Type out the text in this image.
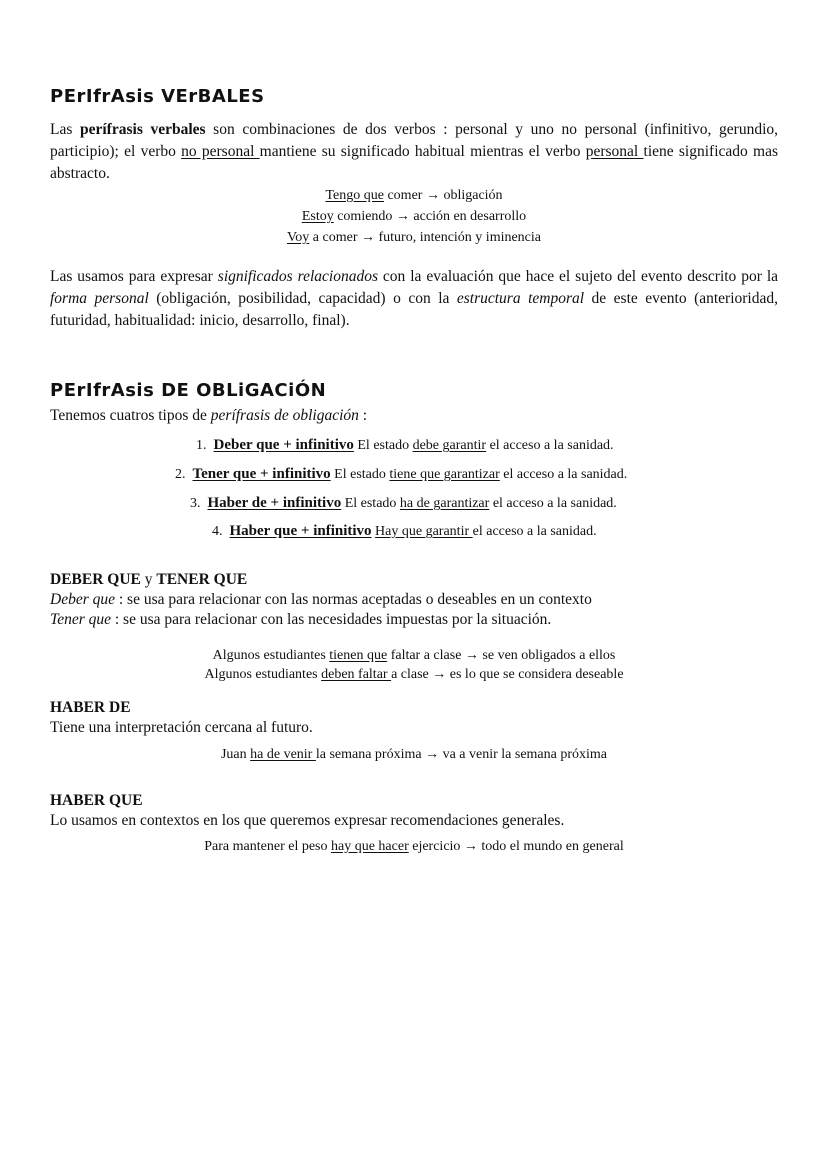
PErIfrAsis VErBALES
Las perífrasis verbales son combinaciones de dos verbos : personal y uno no personal (infinitivo, gerundio, participio); el verbo no personal mantiene su significado habitual mientras el verbo personal tiene significado mas abstracto.
Tengo que comer → obligación
Estoy comiendo → acción en desarrollo
Voy a comer → futuro, intención y iminencia
Las usamos para expresar significados relacionados con la evaluación que hace el sujeto del evento descrito por la forma personal (obligación, posibilidad, capacidad) o con la estructura temporal de este evento (anterioridad, futuridad, habitualidad: inicio, desarrollo, final).
PErIfrAsis DE OBLiGACiÓN
Tenemos cuatros tipos de perífrasis de obligación :
1. Deber que + infinitivo El estado debe garantir el acceso a la sanidad.
2. Tener que + infinitivo El estado tiene que garantizar el acceso a la sanidad.
3. Haber de + infinitivo El estado ha de garantizar el acceso a la sanidad.
4. Haber que + infinitivo Hay que garantir el acceso a la sanidad.
DEBER QUE y TENER QUE
Deber que : se usa para relacionar con las normas aceptadas o deseables en un contexto
Tener que : se usa para relacionar con las necesidades impuestas por la situación.
Algunos estudiantes tienen que faltar a clase → se ven obligados a ellos
Algunos estudiantes deben faltar a clase → es lo que se considera deseable
HABER DE
Tiene una interpretación cercana al futuro.
Juan ha de venir la semana próxima → va a venir la semana próxima
HABER QUE
Lo usamos en contextos en los que queremos expresar recomendaciones generales.
Para mantener el peso hay que hacer ejercicio → todo el mundo en general
